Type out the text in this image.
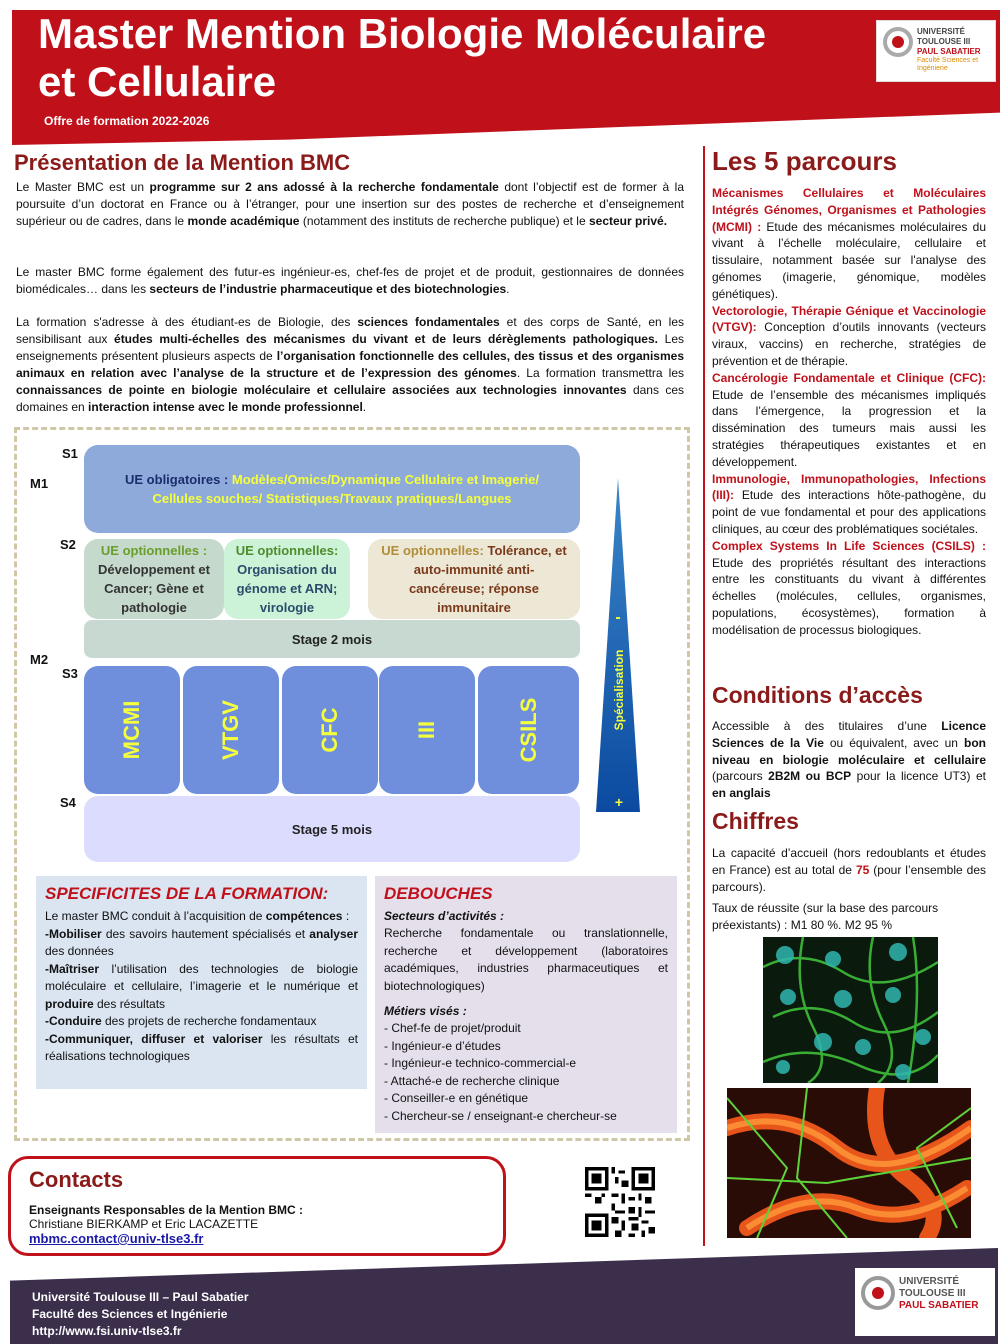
Master Mention Biologie Moléculaire
et Cellulaire
Offre de formation 2022-2026
UNIVERSITÉ
TOULOUSE III
PAUL SABATIER
Faculté Sciences et Ingénierie
Présentation de la Mention BMC
Le Master BMC est un programme sur 2 ans adossé à la recherche fondamentale dont l’objectif est de former à la poursuite d’un doctorat en France ou à l’étranger, pour une insertion sur des postes de recherche et d’enseignement supérieur ou de cadres, dans le monde académique (notamment des instituts de recherche publique) et le secteur privé.
Le master BMC forme également des futur-es ingénieur-es, chef-fes de projet et de produit, gestionnaires de données biomédicales… dans les secteurs de l’industrie pharmaceutique et des biotechnologies.
La formation s'adresse à des étudiant-es de Biologie, des sciences fondamentales et des corps de Santé, en les sensibilisant aux études multi-échelles des mécanismes du vivant et de leurs dérèglements pathologiques. Les enseignements présentent plusieurs aspects de l’organisation fonctionnelle des cellules, des tissus et des organismes animaux en relation avec l’analyse de la structure et de l’expression des génomes. La formation transmettra les connaissances de pointe en biologie moléculaire et cellulaire associées aux technologies innovantes dans ces domaines en interaction intense avec le monde professionnel.
S1
M1
S2
M2
S3
S4
UE obligatoires : Modèles/Omics/Dynamique Cellulaire et Imagerie/ Cellules souches/ Statistiques/Travaux pratiques/Langues
UE optionnelles :
Développement et Cancer; Gène et pathologie
UE optionnelles:
Organisation du génome et ARN; virologie
UE optionnelles: Tolérance, et auto-immunité anti-cancéreuse; réponse immunitaire
Stage 2 mois
MCMI	VTGV	CFC	III	CSILS
Stage 5 mois
-
Spécialisation
+
SPECIFICITES DE LA FORMATION:

Le master BMC conduit à l’acquisition de compétences :

-Mobiliser des savoirs hautement spécialisés et analyser des données

-Maîtriser l’utilisation des technologies de biologie moléculaire et cellulaire, l’imagerie et le numérique et produire des résultats

-Conduire des projets de recherche fondamentaux

-Communiquer, diffuser et valoriser les résultats et réalisations technologiques

DEBOUCHES
Secteurs d’activités :

Recherche fondamentale ou translationnelle, recherche et développement (laboratoires académiques, industries pharmaceutiques et biotechnologiques)

Métiers visés :
- Chef-fe de projet/produit
- Ingénieur-e d’études
- Ingénieur-e technico-commercial-e
- Attaché-e de recherche clinique
- Conseiller-e en génétique
- Chercheur-se / enseignant-e chercheur-se
Les 5 parcours
Mécanismes Cellulaires et Moléculaires Intégrés Génomes, Organismes et Pathologies (MCMI) : Etude des mécanismes moléculaires du vivant à l’échelle moléculaire, cellulaire et tissulaire, notamment basée sur l'analyse des génomes (imagerie, génomique, modèles génétiques).
Vectorologie, Thérapie Génique et Vaccinologie (VTGV): Conception d’outils innovants (vecteurs viraux, vaccins) en recherche, stratégies de prévention et de thérapie.
Cancérologie Fondamentale et Clinique (CFC): Etude de l’ensemble des mécanismes impliqués dans l’émergence, la progression et la dissémination des tumeurs mais aussi les stratégies thérapeutiques existantes et en développement.
Immunologie, Immunopathologies, Infections (III): Etude des interactions hôte-pathogène, du point de vue fondamental et pour des applications cliniques, au cœur des problématiques sociétales.
Complex Systems In Life Sciences (CSILS) : Etude des propriétés résultant des interactions entre les constituants du vivant à différentes échelles (molécules, cellules, organismes, populations, écosystèmes), formation à modélisation de processus biologiques.
Conditions d’accès
Accessible à des titulaires d’une Licence Sciences de la Vie ou équivalent, avec un bon niveau en biologie moléculaire et cellulaire (parcours 2B2M ou BCP pour la licence UT3) et en anglais
Chiffres
La capacité d’accueil (hors redoublants et études en France) est au total de 75 (pour l’ensemble des parcours).
Taux de réussite (sur la base des parcours préexistants) : M1 80 %. M2 95 %
Contacts
Enseignants Responsables de la Mention BMC :
Christiane BIERKAMP et Eric LACAZETTE
mbmc.contact@univ-tlse3.fr
Université Toulouse III – Paul Sabatier
Faculté des Sciences et Ingénierie
http://www.fsi.univ-tlse3.fr
UNIVERSITÉ
TOULOUSE III
PAUL SABATIER
